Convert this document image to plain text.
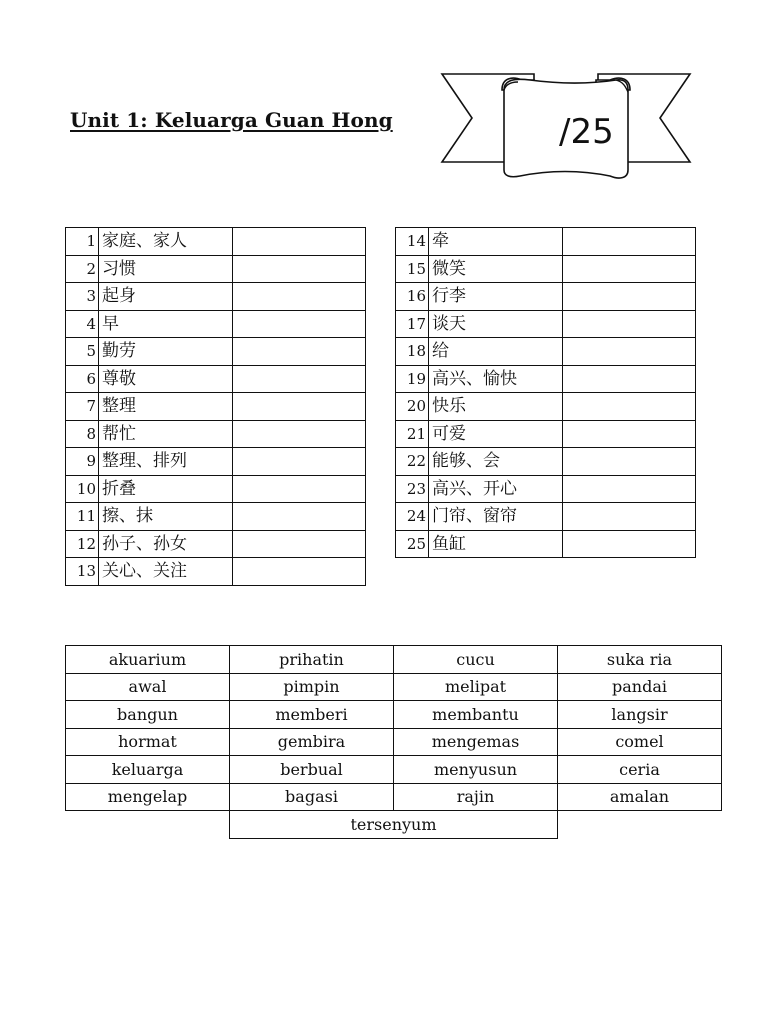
Unit 1: Keluarga Guan Hong	/25
1	家庭、家人	
2	习惯	
3	起身	
4	早	
5	勤劳	
6	尊敬	
7	整理	
8	帮忙	
9	整理、排列	
10	折叠	
11	擦、抹	
12	孙子、孙女	
13	关心、关注	
14	牵	
15	微笑	
16	行李	
17	谈天	
18	给	
19	高兴、愉快	
20	快乐	
21	可爱	
22	能够、会	
23	高兴、开心	
24	门帘、窗帘	
25	鱼缸	
akuarium	prihatin	cucu	suka ria
awal	pimpin	melipat	pandai
bangun	memberi	membantu	langsir
hormat	gembira	mengemas	comel
keluarga	berbual	menyusun	ceria
mengelap	bagasi	rajin	amalan
	tersenyum		
